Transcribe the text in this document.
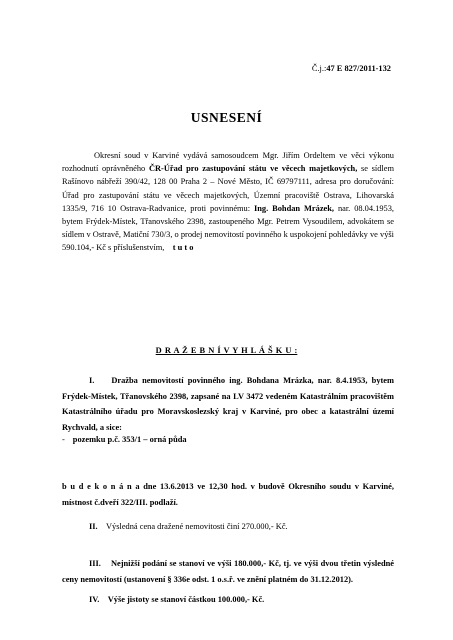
Č.j.:47 E 827/2011-132
USNESENÍ

Okresní soud v Karviné vydává samosoudcem Mgr. Jiřím Ordeltem ve věci výkonu rozhodnutí oprávněného ČR-Úřad pro zastupování státu ve věcech majetkových, se sídlem Rašínovo nábřeží 390/42, 128 00 Praha 2 – Nové Město, IČ 69797111, adresa pro doručování: Úřad pro zastupování státu ve věcech majetkových, Územní pracoviště Ostrava, Lihovarská 1335/9, 716 10 Ostrava-Radvanice, proti povinnému: Ing. Bohdan Mrázek, nar. 08.04.1953, bytem Frýdek-Místek, Třanovského 2398, zastoupeného Mgr. Petrem Vysoudilem, advokátem se sídlem v Ostravě, Matiční 730/3, o prodej nemovitostí povinného k uspokojení pohledávky ve výši 590.104,- Kč s příslušenstvím, t u t o

D R A Ž E B N Í V Y H L Á Š K U :

I. Dražba nemovitostí povinného ing. Bohdana Mrázka, nar. 8.4.1953, bytem Frýdek-Místek, Třanovského 2398, zapsané na LV 3472 vedeném Katastrálním pracovištěm Katastrálního úřadu pro Moravskoslezský kraj v Karviné, pro obec a katastrální území Rychvald, a sice:

- pozemku p.č. 353/1 – orná půda

b u d e k o n á n a dne 13.6.2013 ve 12,30 hod. v budově Okresního soudu v Karviné, místnost č.dveří 322/III. podlaží.

II. Výsledná cena dražené nemovitosti činí 270.000,- Kč.

III. Nejnižší podání se stanoví ve výši 180.000,- Kč, tj. ve výši dvou třetin výsledné ceny nemovitostí (ustanovení § 336e odst. 1 o.s.ř. ve znění platném do 31.12.2012).

IV. Výše jistoty se stanoví částkou 100.000,- Kč.
